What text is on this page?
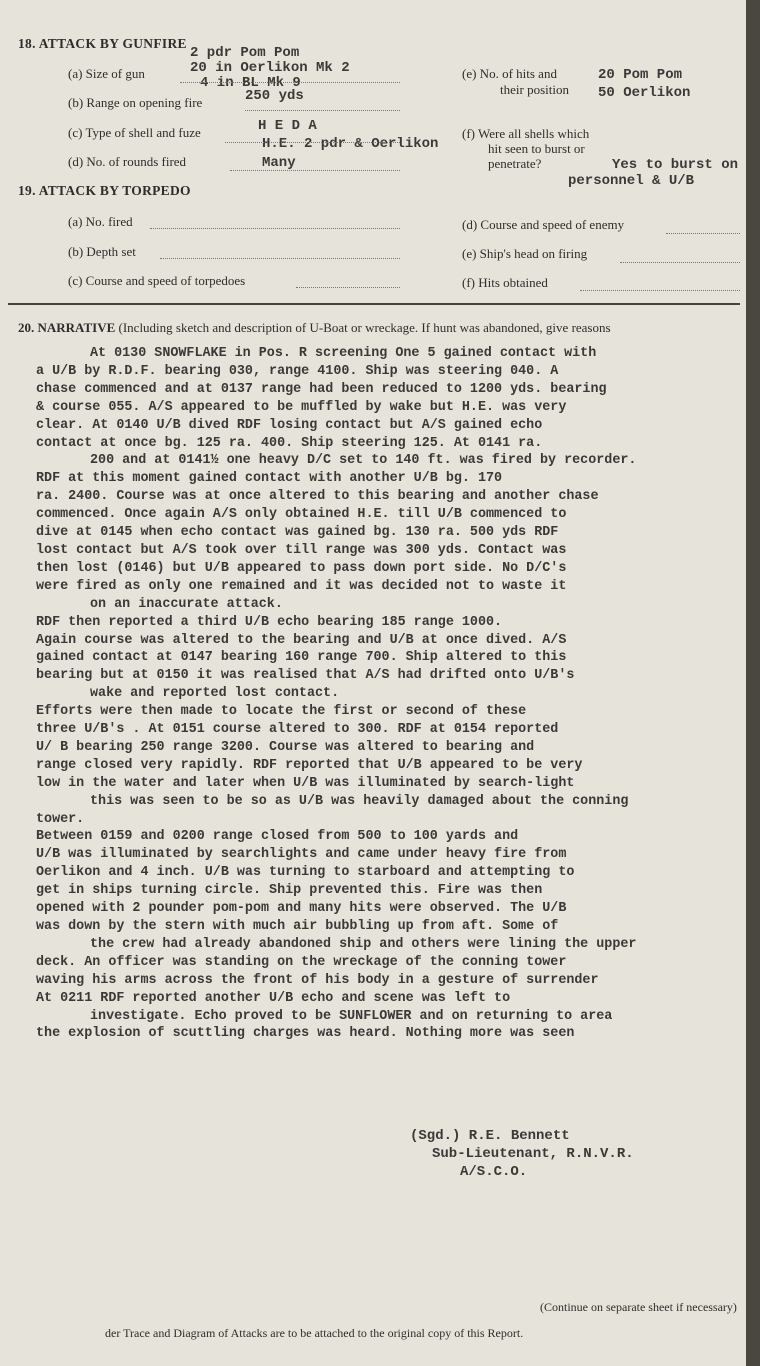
18. ATTACK BY GUNFIRE
(a) Size of gun
2 pdr Pom Pom
20 in Oerlikon Mk 2
4 in BL Mk 9
(b) Range on opening fire	250 yds
(c) Type of shell and fuze	H E D A
H.E. 2 pdr & Oerlikon
(d) No. of rounds fired	Many
(e) No. of hits and
their position
20 Pom Pom
50 Oerlikon
(f) Were all shells which
hit seen to burst or
penetrate?	Yes to burst on
personnel & U/B
19. ATTACK BY TORPEDO
(a) No. fired
(b) Depth set
(c) Course and speed of torpedoes
(d) Course and speed of enemy
(e) Ship's head on firing
(f) Hits obtained
20. NARRATIVE (Including sketch and description of U-Boat or wreckage. If hunt was abandoned, give reasons
At 0130 SNOWFLAKE in Pos. R screening One 5 gained contact with
a U/B by R.D.F. bearing 030, range 4100. Ship was steering 040. A
chase commenced and at 0137 range had been reduced to 1200 yds. bearing
& course 055. A/S appeared to be muffled by wake but H.E. was very
clear. At 0140 U/B dived RDF losing contact but A/S gained echo
contact at once bg. 125 ra. 400. Ship steering 125. At 0141 ra.
200 and at 0141½ one heavy D/C set to 140 ft. was fired by recorder.
RDF at this moment gained contact with another U/B bg. 170
ra. 2400. Course was at once altered to this bearing and another chase
commenced. Once again A/S only obtained H.E. till U/B commenced to
dive at 0145 when echo contact was gained bg. 130 ra. 500 yds RDF
lost contact but A/S took over till range was 300 yds. Contact was
then lost (0146) but U/B appeared to pass down port side. No D/C's
were fired as only one remained and it was decided not to waste it
on an inaccurate attack.
RDF then reported a third U/B echo bearing 185 range 1000.
Again course was altered to the bearing and U/B at once dived. A/S
gained contact at 0147 bearing 160 range 700. Ship altered to this
bearing but at 0150 it was realised that A/S had drifted onto U/B's
wake and reported lost contact.
Efforts were then made to locate the first or second of these
three U/B's . At 0151 course altered to 300. RDF at 0154 reported
U/ B bearing 250 range 3200. Course was altered to bearing and
range closed very rapidly. RDF reported that U/B appeared to be very
low in the water and later when U/B was illuminated by search-light
this was seen to be so as U/B was heavily damaged about the conning
tower.
Between 0159 and 0200 range closed from 500 to 100 yards and
U/B was illuminated by searchlights and came under heavy fire from
Oerlikon and 4 inch. U/B was turning to starboard and attempting to
get in ships turning circle. Ship prevented this. Fire was then
opened with 2 pounder pom-pom and many hits were observed. The U/B
was down by the stern with much air bubbling up from aft. Some of
the crew had already abandoned ship and others were lining the upper
deck. An officer was standing on the wreckage of the conning tower
waving his arms across the front of his body in a gesture of surrender
At 0211 RDF reported another U/B echo and scene was left to
investigate. Echo proved to be SUNFLOWER and on returning to area
the explosion of scuttling charges was heard. Nothing more was seen
(Sgd.) R.E. Bennett
Sub-Lieutenant, R.N.V.R.
A/S.C.O.
(Continue on separate sheet if necessary)
der Trace and Diagram of Attacks are to be attached to the original copy of this Report.
